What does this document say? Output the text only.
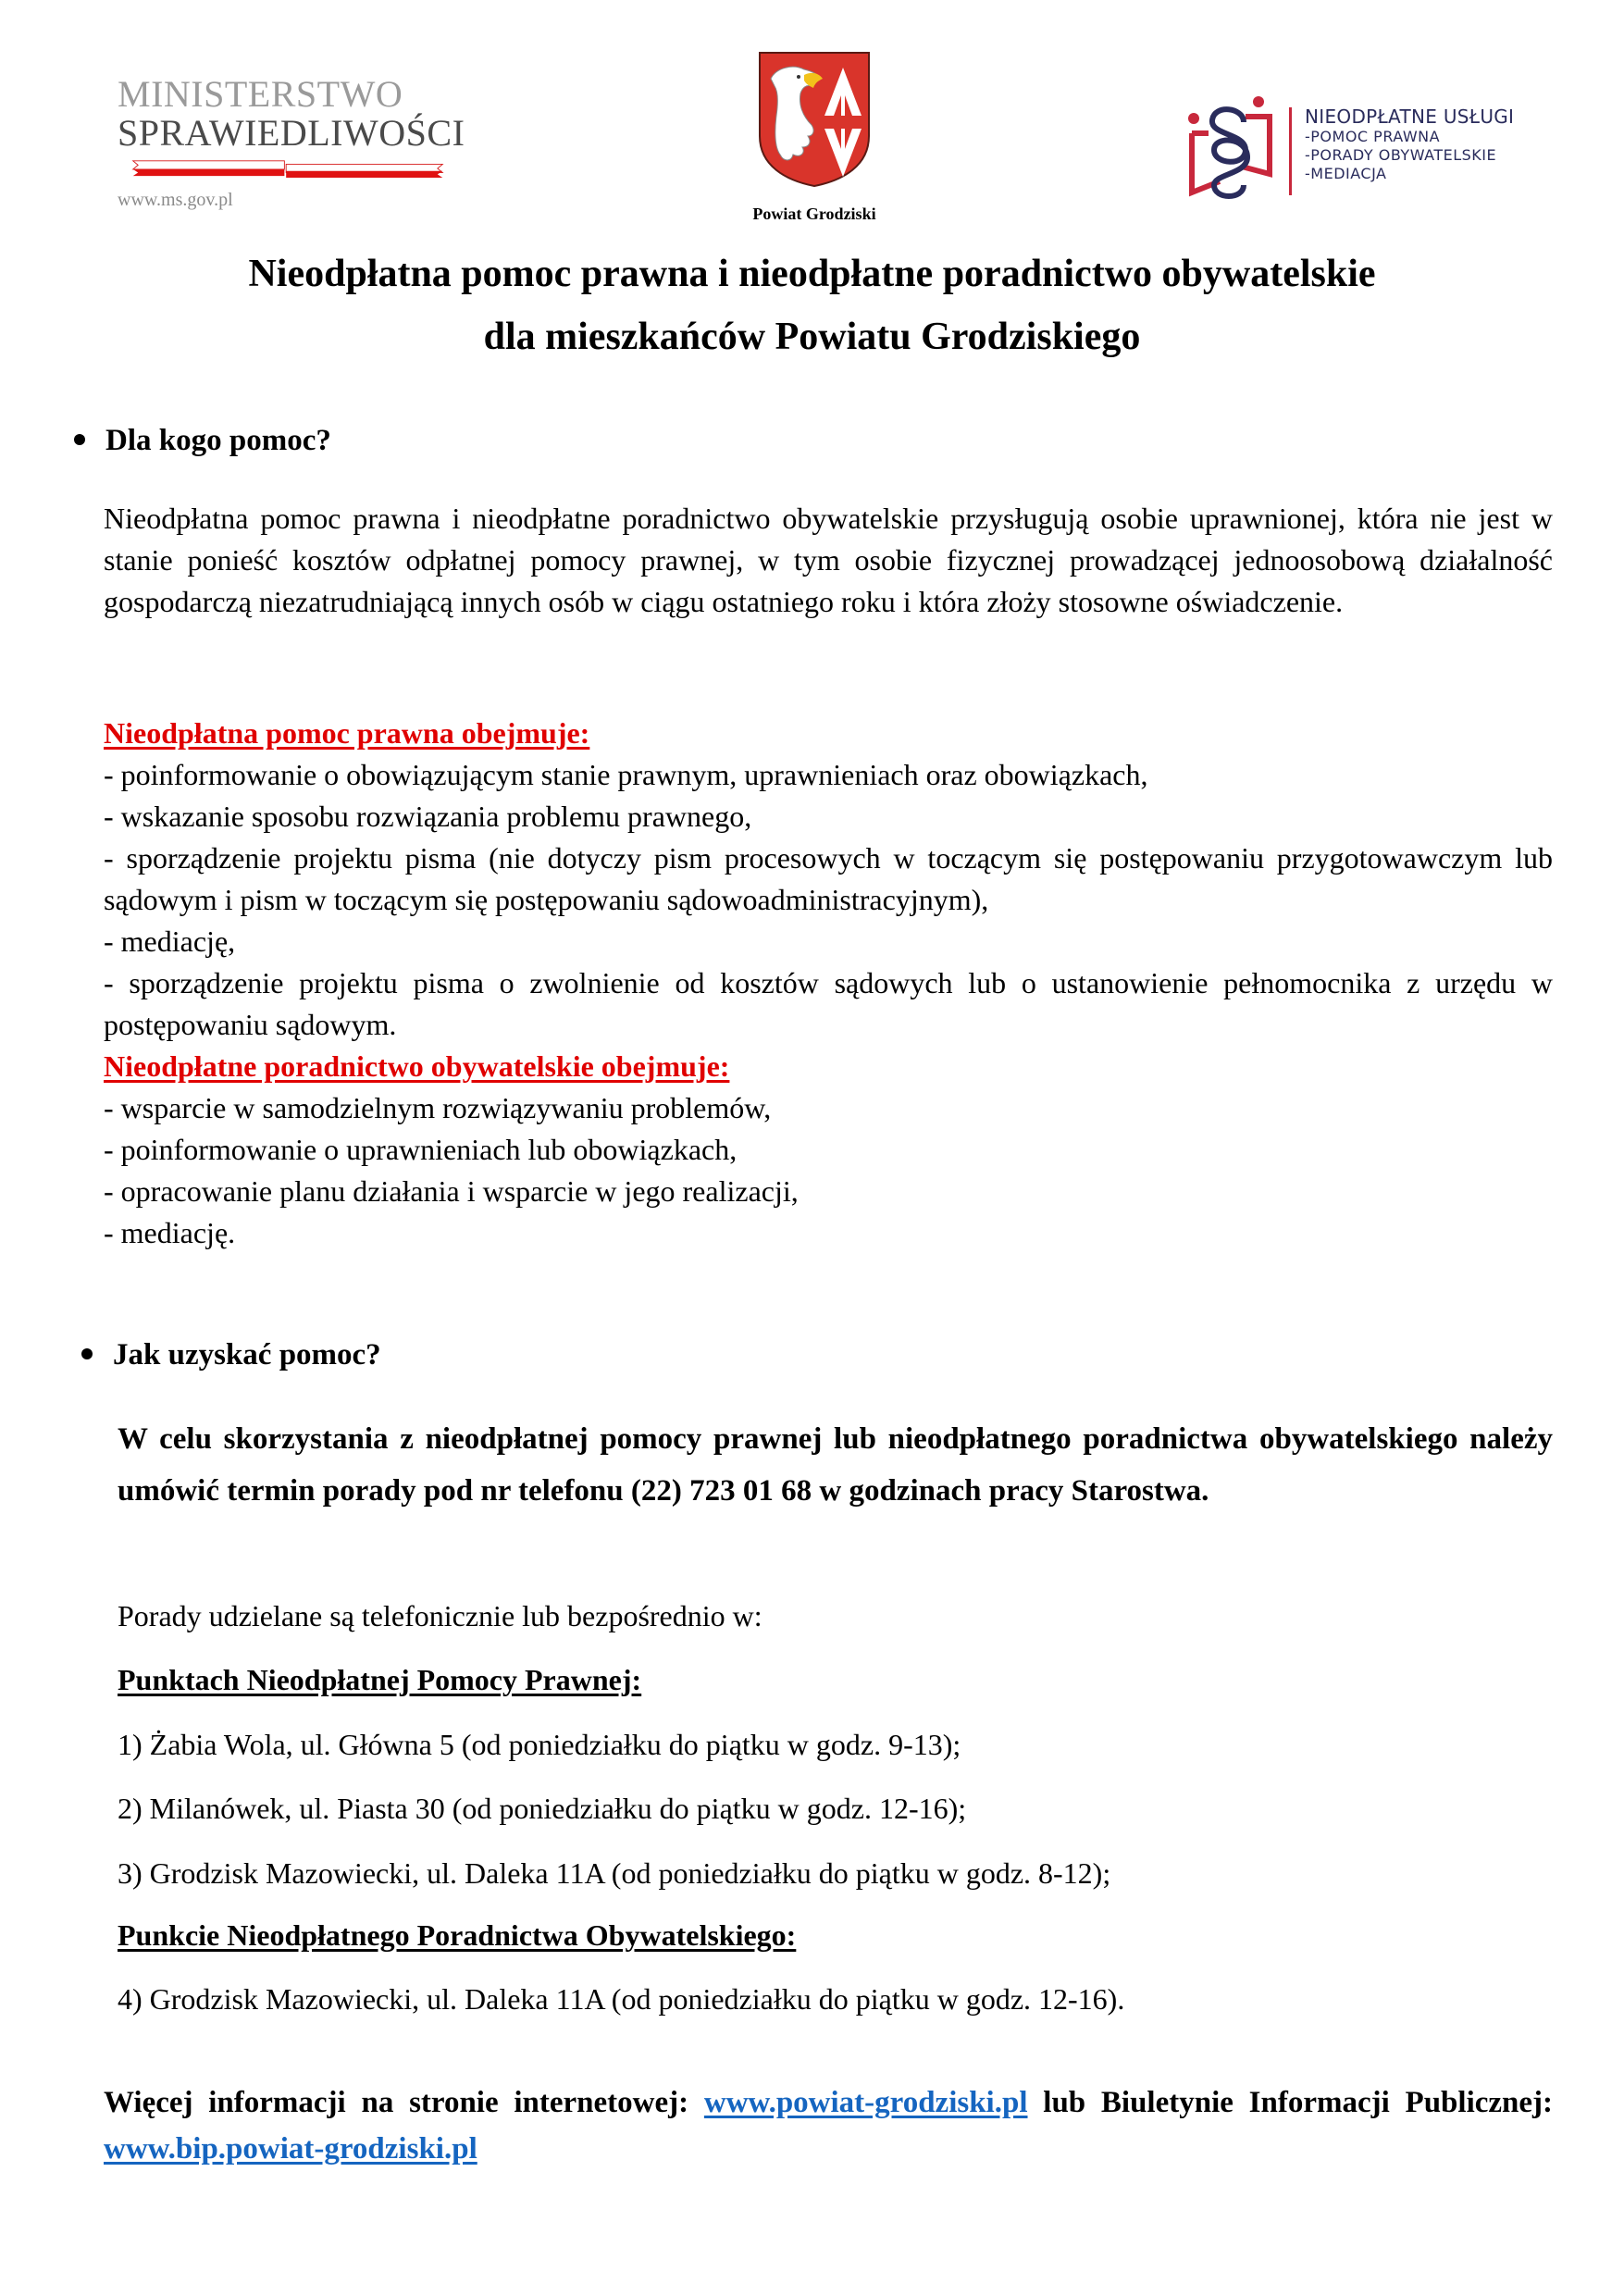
MINISTERSTWO
SPRAWIEDLIWOŚCI
www.ms.gov.pl
Powiat Grodziski
NIEODPŁATNE USŁUGI
-POMOC PRAWNA
-PORADY OBYWATELSKIE
-MEDIACJA
Nieodpłatna pomoc prawna i nieodpłatne poradnictwo obywatelskie
dla mieszkańców Powiatu Grodziskiego
Dla kogo pomoc?

Nieodpłatna pomoc prawna i nieodpłatne poradnictwo obywatelskie przysługują osobie uprawnionej, która nie jest w stanie ponieść kosztów odpłatnej pomocy prawnej, w tym osobie fizycznej prowadzącej jednoosobową działalność gospodarczą niezatrudniającą innych osób w ciągu ostatniego roku i która złoży stosowne oświadczenie.

Nieodpłatna pomoc prawna obejmuje:

- poinformowanie o obowiązującym stanie prawnym, uprawnieniach oraz obowiązkach,

- wskazanie sposobu rozwiązania problemu prawnego,

- sporządzenie projektu pisma (nie dotyczy pism procesowych w toczącym się postępowaniu przygotowawczym lub sądowym i pism w toczącym się postępowaniu sądowoadministracyjnym),

- mediację,

- sporządzenie projektu pisma o zwolnienie od kosztów sądowych lub o ustanowienie pełnomocnika z urzędu w postępowaniu sądowym.

Nieodpłatne poradnictwo obywatelskie obejmuje:

- wsparcie w samodzielnym rozwiązywaniu problemów,

- poinformowanie o uprawnieniach lub obowiązkach,

- opracowanie planu działania i wsparcie w jego realizacji,

- mediację.

Jak uzyskać pomoc?
W celu skorzystania z nieodpłatnej pomocy prawnej lub nieodpłatnego poradnictwa obywatelskiego należy umówić termin porady pod nr telefonu (22) 723 01 68 w godzinach pracy Starostwa.
Porady udzielane są telefonicznie lub bezpośrednio w:
Punktach Nieodpłatnej Pomocy Prawnej:
1) Żabia Wola, ul. Główna 5 (od poniedziałku do piątku w godz. 9-13);
2) Milanówek, ul. Piasta 30 (od poniedziałku do piątku w godz. 12-16);
3) Grodzisk Mazowiecki, ul. Daleka 11A (od poniedziałku do piątku w godz. 8-12);
Punkcie Nieodpłatnego Poradnictwa Obywatelskiego:
4) Grodzisk Mazowiecki, ul. Daleka 11A (od poniedziałku do piątku w godz. 12-16).
Więcej informacji na stronie internetowej: www.powiat-grodziski.pl lub Biuletynie Informacji Publicznej: www.bip.powiat-grodziski.pl
